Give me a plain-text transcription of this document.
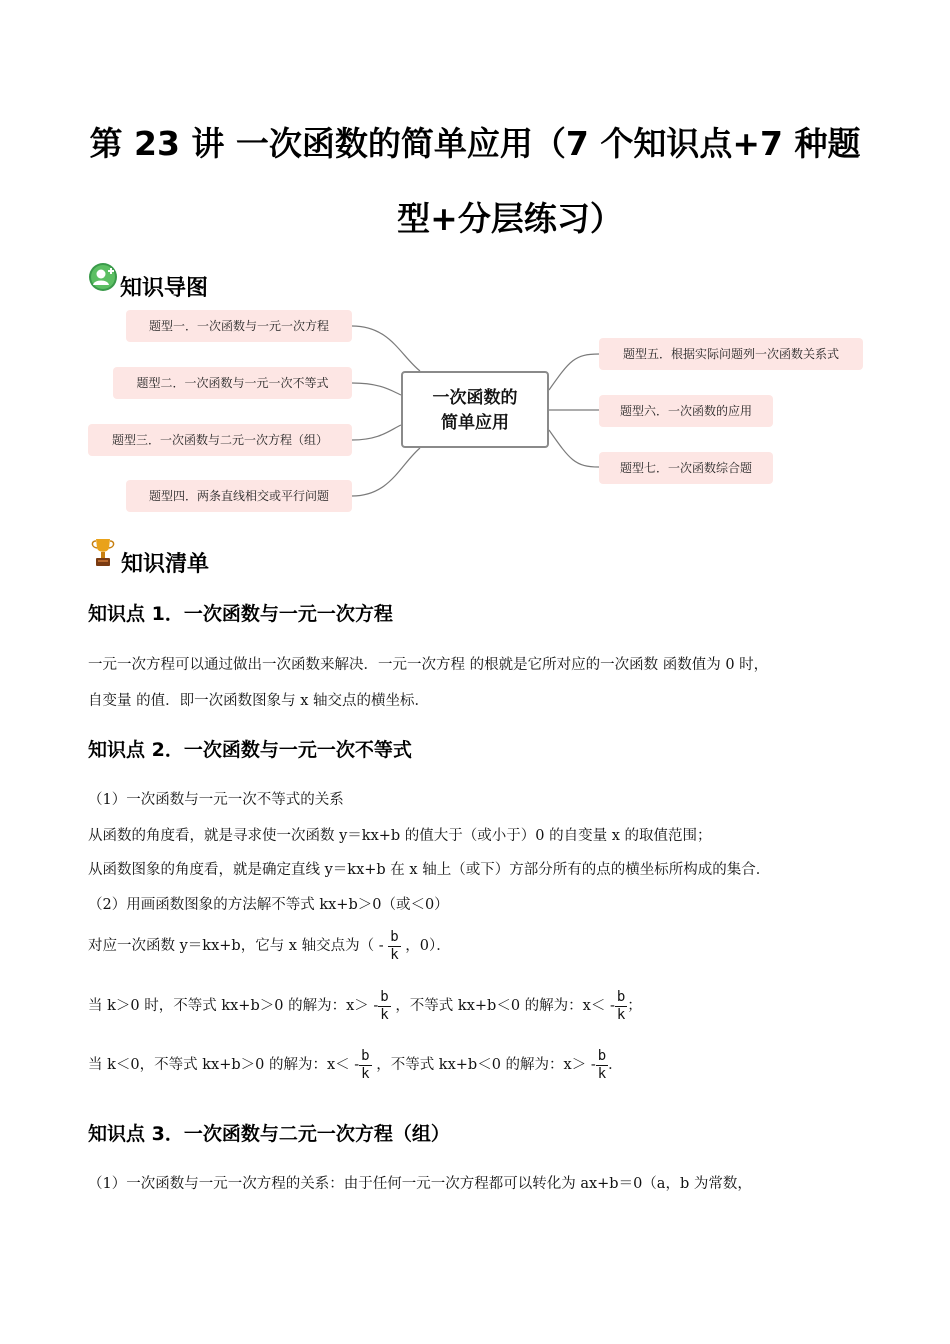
第 23 讲 一次函数的简单应用（7 个知识点+7 种题
型+分层练习）
知识导图
题型一．一次函数与一元一次方程
题型二．一次函数与一元一次不等式
题型三．一次函数与二元一次方程（组）
题型四．两条直线相交或平行问题
一次函数的
简单应用
题型五．根据实际问题列一次函数关系式
题型六．一次函数的应用
题型七．一次函数综合题
知识清单
知识点 1．一次函数与一元一次方程
一元一次方程可以通过做出一次函数来解决．一元一次方程 的根就是它所对应的一次函数 函数值为 0 时，
自变量 的值．即一次函数图象与 x 轴交点的横坐标．
知识点 2．一次函数与一元一次不等式
（1）一次函数与一元一次不等式的关系
从函数的角度看，就是寻求使一次函数 y＝kx+b 的值大于（或小于）0 的自变量 x 的取值范围；
从函数图象的角度看，就是确定直线 y＝kx+b 在 x 轴上（或下）方部分所有的点的横坐标所构成的集合．
（2）用画函数图象的方法解不等式 kx+b＞0（或＜0）
对应一次函数 y＝kx+b，它与 x 轴交点为（ - $\frac{b}{k}$ ，0）．
当 k＞0 时，不等式 kx+b＞0 的解为：$x> - \frac{b}{k}$ ，不等式 kx+b＜0 的解为：$x< - \frac{b}{k}$ ；
当 k＜0，不等式 kx+b＞0 的解为：$x< - \frac{b}{k}$ ，不等式 kx+b＜0 的解为：$x> - \frac{b}{k}$ ．
知识点 3．一次函数与二元一次方程（组）
（1）一次函数与一元一次方程的关系：由于任何一元一次方程都可以转化为 ax+b＝0（a，b 为常数，
